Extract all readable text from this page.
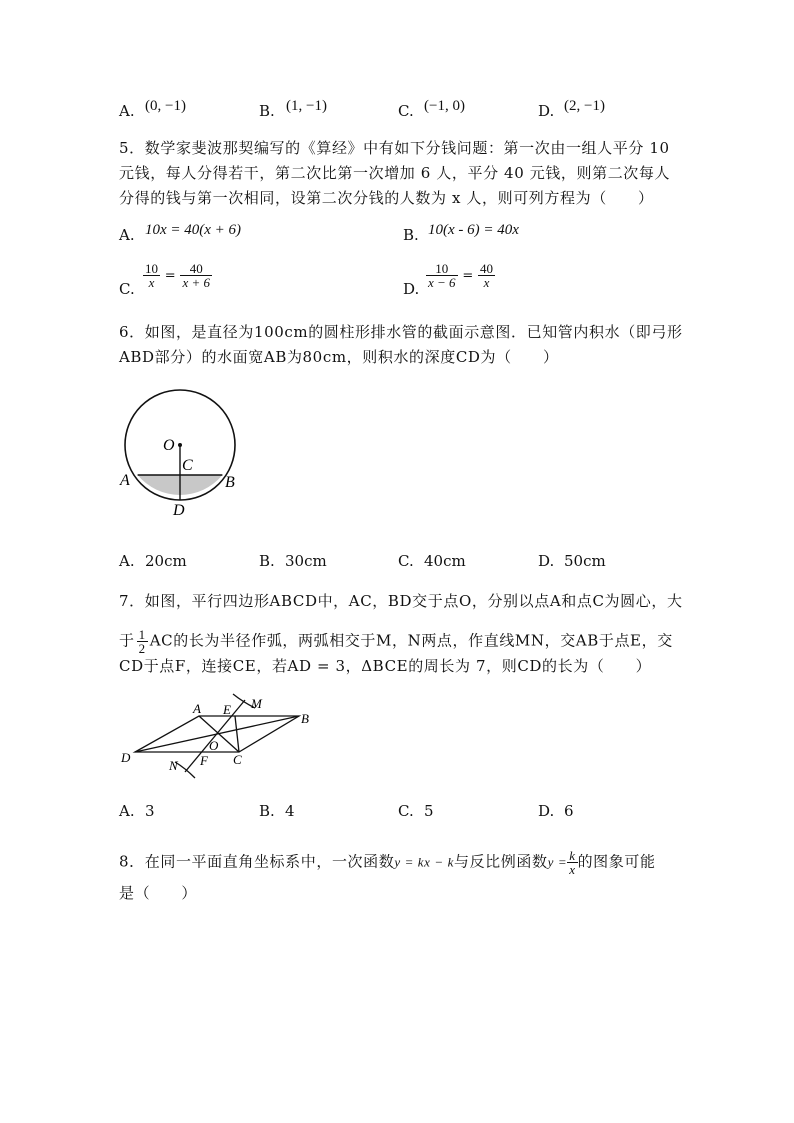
A. (0, −1)	B. (1, −1)	C. (−1, 0)	D. (2, −1)
5．数学家斐波那契编写的《算经》中有如下分钱问题：第一次由一组人平分 10
元钱，每人分得若干，第二次比第一次增加 6 人，平分 40 元钱，则第二次每人
分得的钱与第一次相同，设第二次分钱的人数为 x 人，则可列方程为（　　）
A. 10x = 40(x + 6)	B. 10(x - 6) = 40x
C. $\frac{10}{x} = \frac{40}{x + 6}$	D. $\frac{10}{x - 6} = \frac{40}{x}$
6．如图，是直径为100cm的圆柱形排水管的截面示意图．已知管内积水（即弓形
ABD部分）的水面宽AB为80cm，则积水的深度CD为（　　）
O
C
A	B
D
A. 20cm	B. 30cm	C. 40cm	D. 50cm
7．如图，平行四边形ABCD中，AC，BD交于点O，分别以点A和点C为圆心，大
于 $\frac{1}{2}$ AC的长为半径作弧，两弧相交于M，N两点，作直线MN，交AB于点E，交
CD于点F，连接CE，若AD = 3，ΔBCE的周长为 7，则CD的长为（　　）
A E M
B
D
O
N F C
A. 3	B. 4	C. 5	D. 6
8．在同一平面直角坐标系中，一次函数y = kx − k与反比例函数$y = \frac{k}{x}$ 的图象可能
是（　　）
